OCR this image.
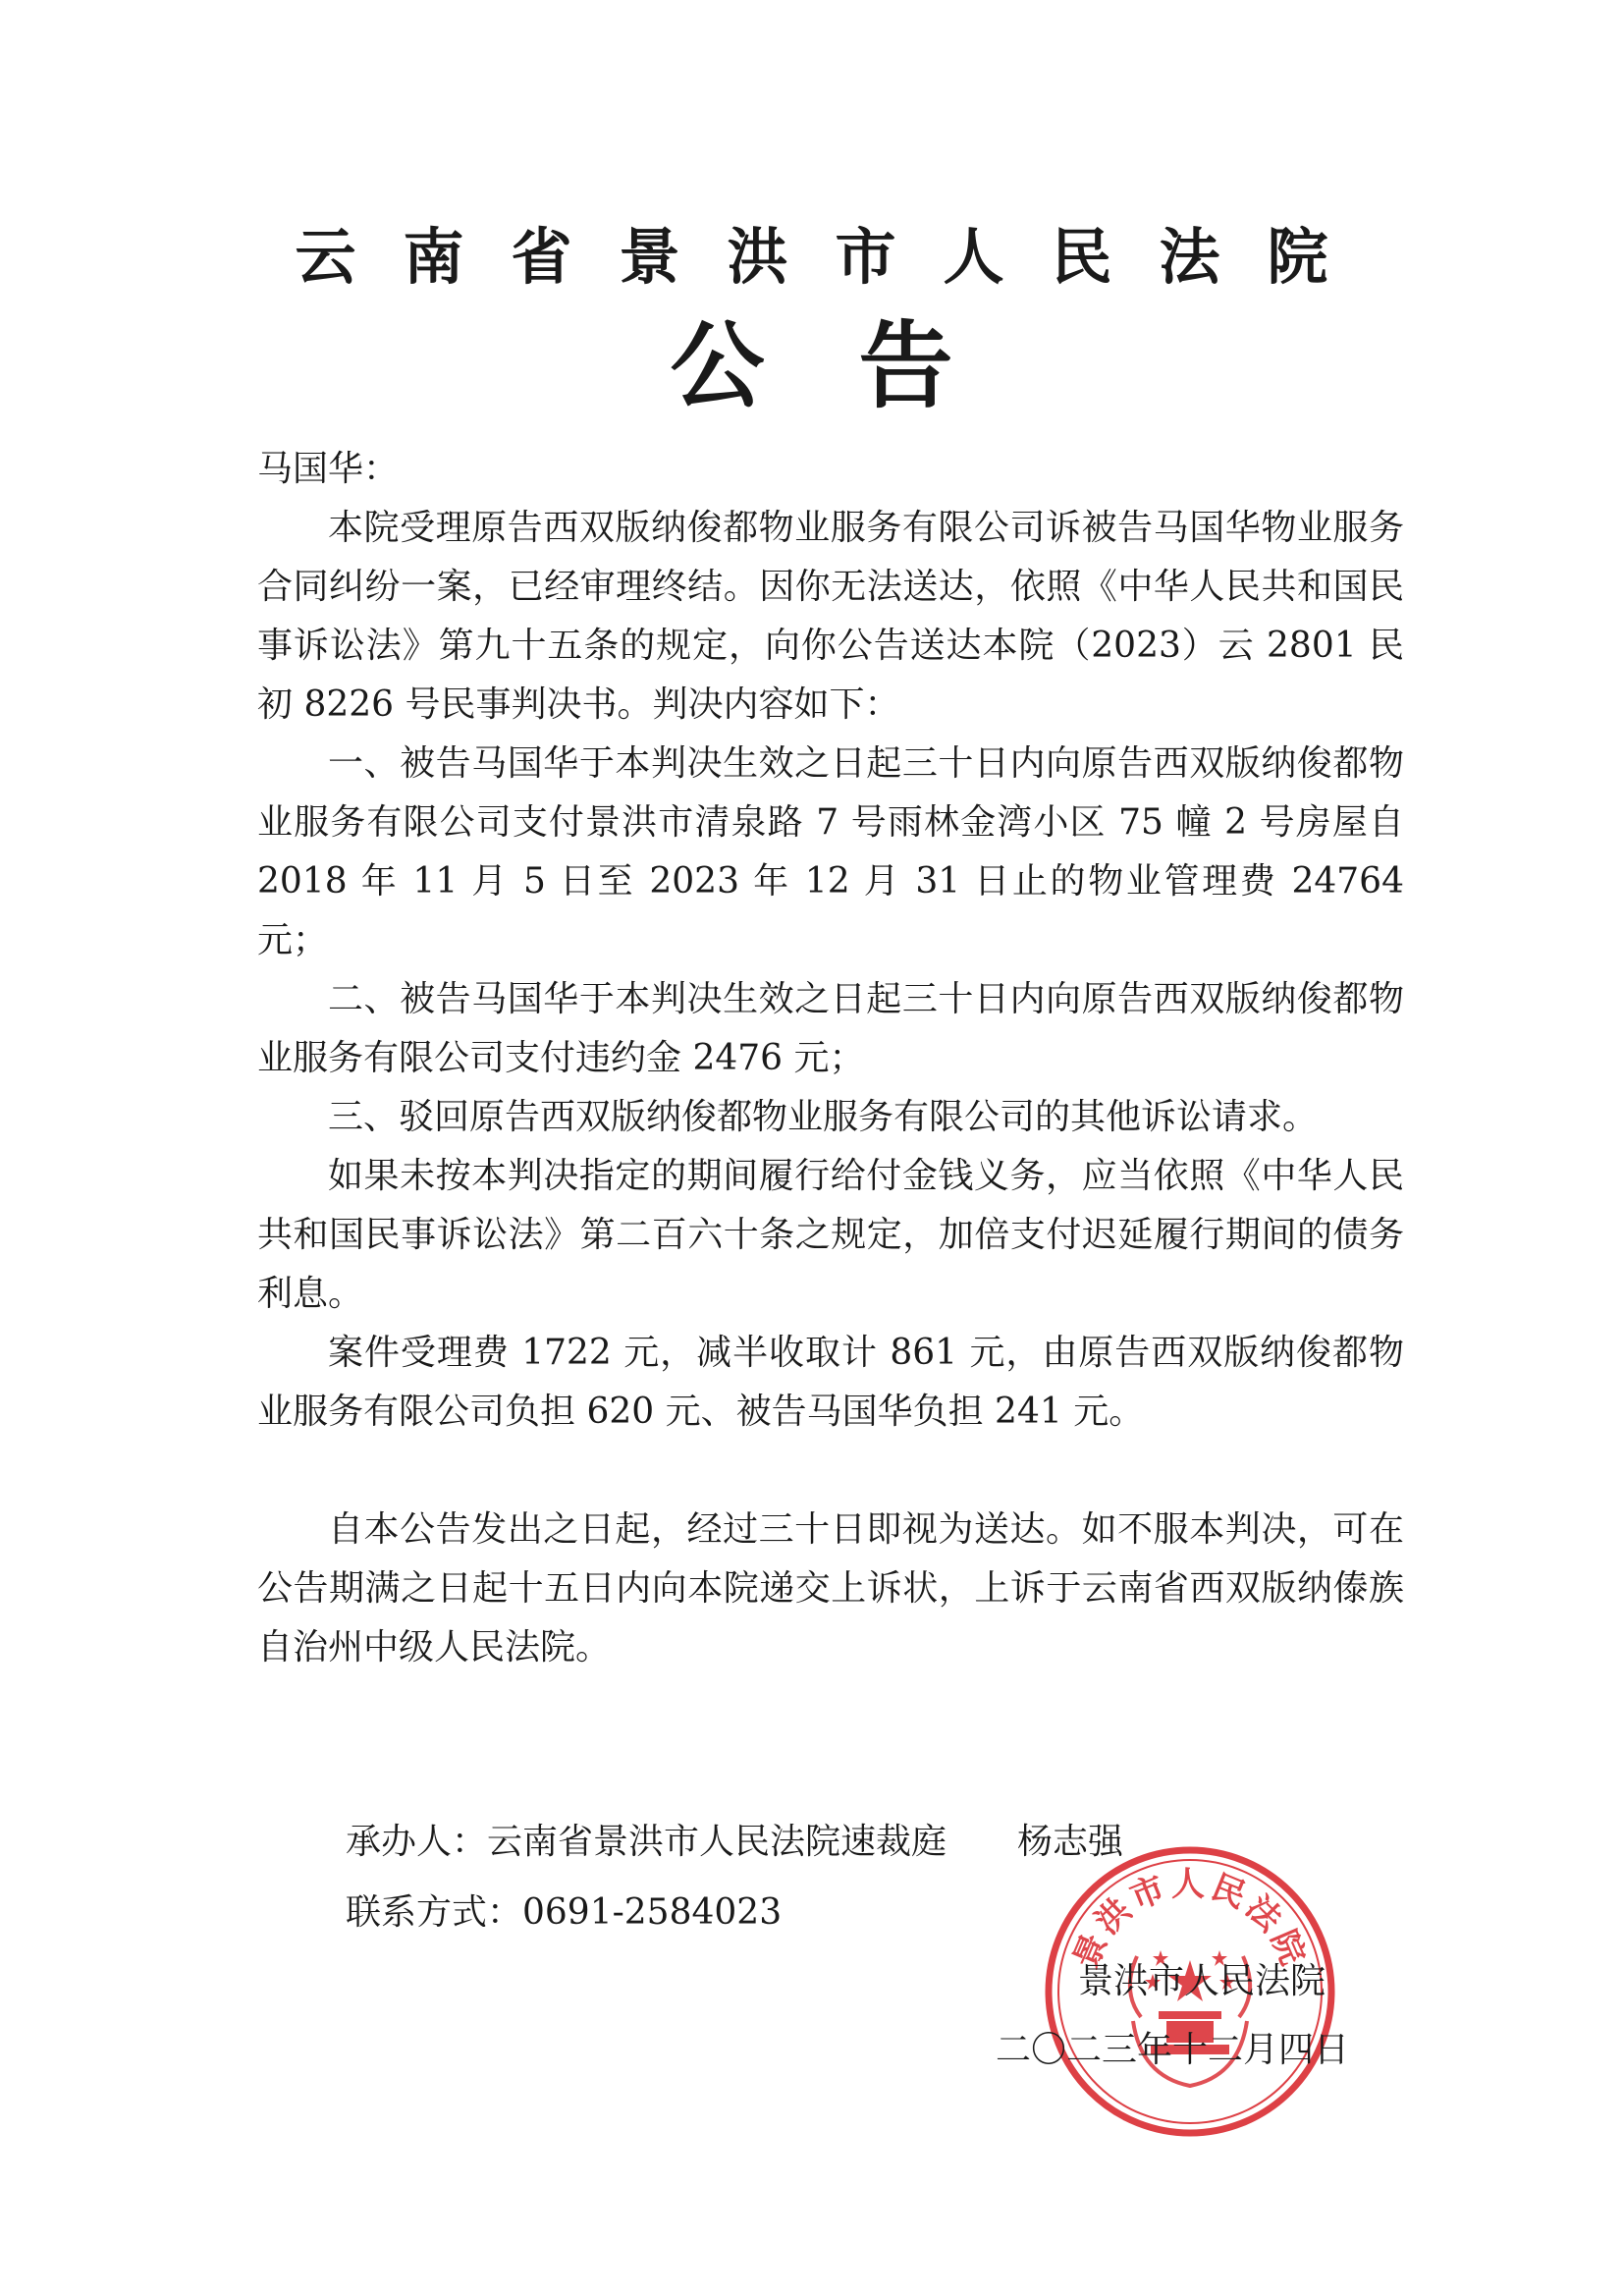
云南省景洪市人民法院
公告

马国华：

本院受理原告西双版纳俊都物业服务有限公司诉被告马国华物业服务合同纠纷一案，已经审理终结。因你无法送达，依照《中华人民共和国民事诉讼法》第九十五条的规定，向你公告送达本院（2023）云 2801 民初 8226 号民事判决书。判决内容如下：

一、被告马国华于本判决生效之日起三十日内向原告西双版纳俊都物业服务有限公司支付景洪市清泉路 7 号雨林金湾小区 75 幢 2 号房屋自 2018 年 11 月 5 日至 2023 年 12 月 31 日止的物业管理费 24764 元；

二、被告马国华于本判决生效之日起三十日内向原告西双版纳俊都物业服务有限公司支付违约金 2476 元；

三、驳回原告西双版纳俊都物业服务有限公司的其他诉讼请求。

如果未按本判决指定的期间履行给付金钱义务，应当依照《中华人民共和国民事诉讼法》第二百六十条之规定，加倍支付迟延履行期间的债务利息。

案件受理费 1722 元，减半收取计 861 元，由原告西双版纳俊都物业服务有限公司负担 620 元、被告马国华负担 241 元。

自本公告发出之日起，经过三十日即视为送达。如不服本判决，可在公告期满之日起十五日内向本院递交上诉状，上诉于云南省西双版纳傣族自治州中级人民法院。

承办人：云南省景洪市人民法院速裁庭　　杨志强
联系方式：0691-2584023
景洪市人民法院
景洪市人民法院
二〇二三年十二月四日
